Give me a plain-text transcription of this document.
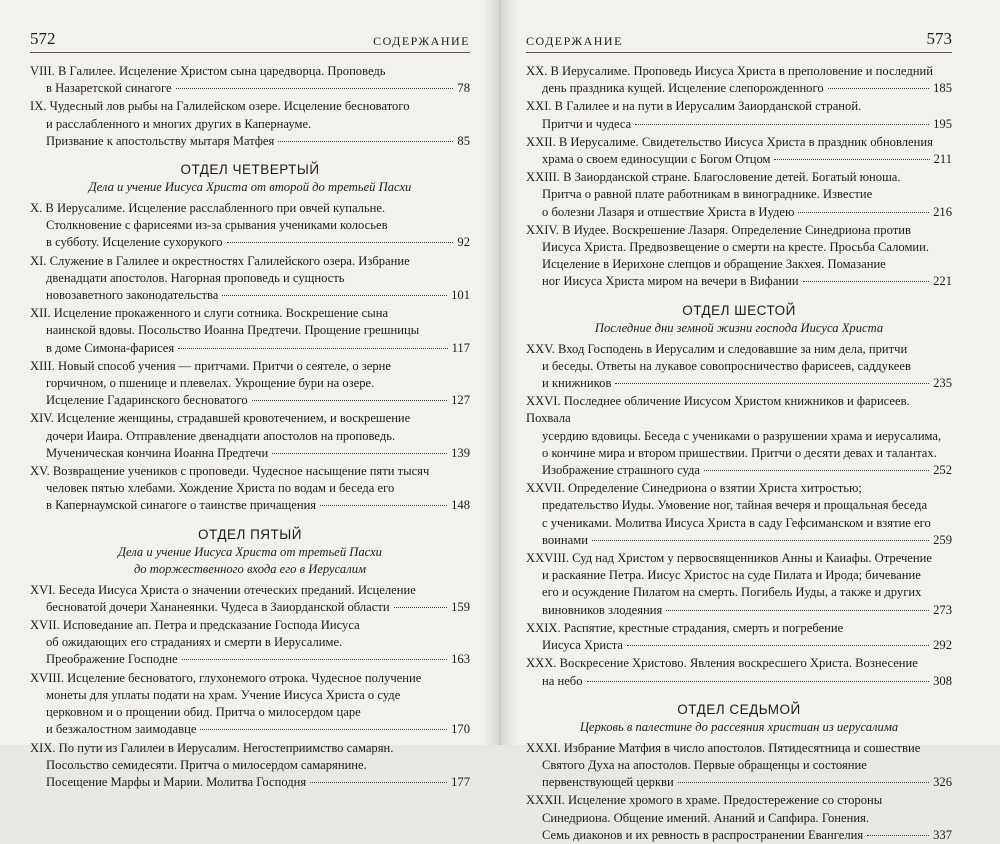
572	СОДЕРЖАНИЕ
VIII. В Галилее. Исцеление Христом сына царедворца. Проповедь
в Назаретской синагоге	78
IX. Чудесный лов рыбы на Галилейском озере. Исцеление бесноватого
и расслабленного и многих других в Капернауме.
Призвание к апостольству мытаря Матфея	85
ОТДЕЛ ЧЕТВЕРТЫЙ
Дела и учение Иисуса Христа от второй до третьей Пасхи
X. В Иерусалиме. Исцеление расслабленного при овчей купальне.
Столкновение с фарисеями из-за срывания учениками колосьев
в субботу. Исцеление сухорукого	92
XI. Служение в Галилее и окрестностях Галилейского озера. Избрание
двенадцати апостолов. Нагорная проповедь и сущность
новозаветного законодательства	101
XII. Исцеление прокаженного и слуги сотника. Воскрешение сына
наинской вдовы. Посольство Иоанна Предтечи. Прощение грешницы
в доме Симона-фарисея	117
XIII. Новый способ учения — притчами. Притчи о сеятеле, о зерне
горчичном, о пшенице и плевелах. Укрощение бури на озере.
Исцеление Гадаринского бесноватого	127
XIV. Исцеление женщины, страдавшей кровотечением, и воскрешение
дочери Иаира. Отправление двенадцати апостолов на проповедь.
Мученическая кончина Иоанна Предтечи	139
XV. Возвращение учеников с проповеди. Чудесное насыщение пяти тысяч
человек пятью хлебами. Хождение Христа по водам и беседа его
в Капернаумской синагоге о таинстве причащения	148
ОТДЕЛ ПЯТЫЙ
Дела и учение Иисуса Христа от третьей Пасхи
до торжественного входа его в Иерусалим
XVI. Беседа Иисуса Христа о значении отеческих преданий. Исцеление
бесноватой дочери Хананеянки. Чудеса в Заиорданской области	159
XVII. Исповедание ап. Петра и предсказание Господа Иисуса
об ожидающих его страданиях и смерти в Иерусалиме.
Преображение Господне	163
XVIII. Исцеление бесноватого, глухонемого отрока. Чудесное получение
монеты для уплаты подати на храм. Учение Иисуса Христа о суде
церковном и о прощении обид. Притча о милосердом царе
и безжалостном заимодавце	170
XIX. По пути из Галилеи в Иерусалим. Негостеприимство самарян.
Посольство семидесяти. Притча о милосердом самарянине.
Посещение Марфы и Марии. Молитва Господня	177
СОДЕРЖАНИЕ	573
XX. В Иерусалиме. Проповедь Иисуса Христа в преполовение и последний
день праздника кущей. Исцеление слепорожденного	185
XXI. В Галилее и на пути в Иерусалим Заиорданской страной.
Притчи и чудеса	195
XXII. В Иерусалиме. Свидетельство Иисуса Христа в праздник обновления
храма о своем единосущии с Богом Отцом	211
XXIII. В Заиорданской стране. Благословение детей. Богатый юноша.
Притча о равной плате работникам в винограднике. Известие
о болезни Лазаря и отшествие Христа в Иудею	216
XXIV. В Иудее. Воскрешение Лазаря. Определение Синедриона против
Иисуса Христа. Предвозвещение о смерти на кресте. Просьба Саломии.
Исцеление в Иерихоне слепцов и обращение Закхея. Помазание
ног Иисуса Христа миром на вечери в Вифании	221
ОТДЕЛ ШЕСТОЙ
Последние дни земной жизни господа Иисуса Христа
XXV. Вход Господень в Иерусалим и следовавшие за ним дела, притчи
и беседы. Ответы на лукавое совопросничество фарисеев, саддукеев
и книжников	235
XXVI. Последнее обличение Иисусом Христом книжников и фарисеев. Похвала
усердию вдовицы. Беседа с учениками о разрушении храма и иерусалима,
о кончине мира и втором пришествии. Притчи о десяти девах и талантах.
Изображение страшного суда	252
XXVII. Определение Синедриона о взятии Христа хитростью;
предательство Иуды. Умовение ног, тайная вечеря и прощальная беседа
с учениками. Молитва Иисуса Христа в саду Гефсиманском и взятие его
воинами	259
XXVIII. Суд над Христом у первосвященников Анны и Каиафы. Отречение
и раскаяние Петра. Иисус Христос на суде Пилата и Ирода; бичевание
его и осуждение Пилатом на смерть. Погибель Иуды, а также и других
виновников злодеяния	273
XXIX. Распятие, крестные страдания, смерть и погребение
Иисуса Христа	292
XXX. Воскресение Христово. Явления воскресшего Христа. Вознесение
на небо	308
ОТДЕЛ СЕДЬМОЙ
Церковь в палестине до рассеяния христиан из иерусалима
XXXI. Избрание Матфия в число апостолов. Пятидесятница и сошествие
Святого Духа на апостолов. Первые обращенцы и состояние
первенствующей церкви	326
XXXII. Исцеление хромого в храме. Предостережение со стороны
Синедриона. Общение имений. Ананий и Сапфира. Гонения.
Семь диаконов и их ревность в распространении Евангелия	337
